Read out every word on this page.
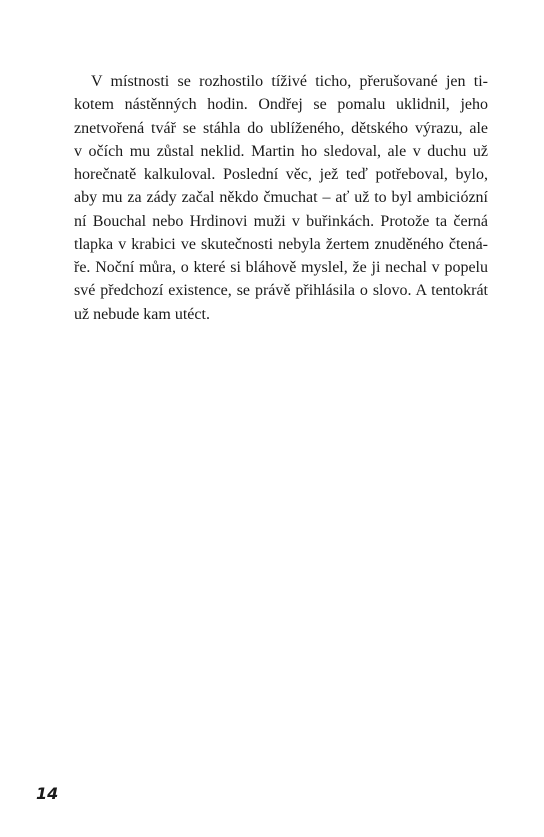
V místnosti se rozhostilo tíživé ticho, přerušované jen ti-
kotem nástěnných hodin. Ondřej se pomalu uklidnil, jeho
znetvořená tvář se stáhla do ublíženého, dětského výrazu, ale
v očích mu zůstal neklid. Martin ho sledoval, ale v duchu už
horečnatě kalkuloval. Poslední věc, jež teď potřeboval, bylo,
aby mu za zády začal někdo čmuchat – ať už to byl ambiciózní
ní Bouchal nebo Hrdinovi muži v buřinkách. Protože ta černá
tlapka v krabici ve skutečnosti nebyla žertem znuděného čtená-
ře. Noční můra, o které si bláhově myslel, že ji nechal v popelu
své předchozí existence, se právě přihlásila o slovo. A tentokrát
už nebude kam utéct.
14
